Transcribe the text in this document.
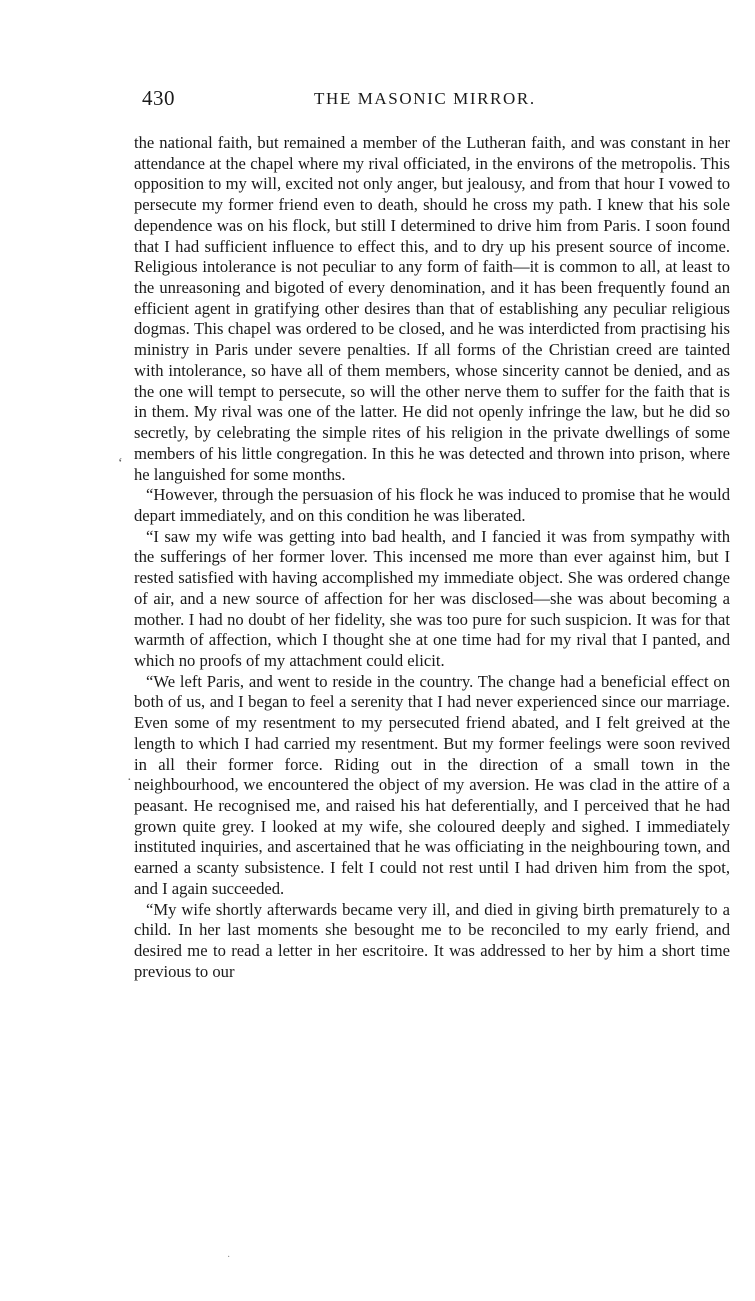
430	THE MASONIC MIRROR.

the national faith, but remained a member of the Lutheran faith, and was constant in her attendance at the chapel where my rival officiated, in the environs of the metropolis. This opposition to my will, excited not only anger, but jealousy, and from that hour I vowed to persecute my former friend even to death, should he cross my path. I knew that his sole dependence was on his flock, but still I determined to drive him from Paris. I soon found that I had sufficient influence to effect this, and to dry up his present source of income. Religious intolerance is not peculiar to any form of faith—it is common to all, at least to the unreasoning and bigoted of every denomination, and it has been frequently found an efficient agent in gratifying other desires than that of establishing any peculiar religious dogmas. This chapel was ordered to be closed, and he was interdicted from practising his ministry in Paris under severe penalties. If all forms of the Christian creed are tainted with intolerance, so have all of them members, whose sincerity cannot be denied, and as the one will tempt to persecute, so will the other nerve them to suffer for the faith that is in them. My rival was one of the latter. He did not openly infringe the law, but he did so secretly, by celebrating the simple rites of his religion in the private dwellings of some members of his little congregation. In this he was detected and thrown into prison, where he languished for some months.

“However, through the persuasion of his flock he was induced to promise that he would depart immediately, and on this condition he was liberated.

“I saw my wife was getting into bad health, and I fancied it was from sympathy with the sufferings of her former lover. This incensed me more than ever against him, but I rested satisfied with having accomplished my immediate object. She was ordered change of air, and a new source of affection for her was disclosed—she was about becoming a mother. I had no doubt of her fidelity, she was too pure for such suspicion. It was for that warmth of affection, which I thought she at one time had for my rival that I panted, and which no proofs of my attachment could elicit.

“We left Paris, and went to reside in the country. The change had a beneficial effect on both of us, and I began to feel a serenity that I had never experienced since our marriage. Even some of my resentment to my persecuted friend abated, and I felt greived at the length to which I had carried my resentment. But my former feelings were soon revived in all their former force. Riding out in the direction of a small town in the neighbourhood, we encountered the object of my aversion. He was clad in the attire of a peasant. He recognised me, and raised his hat deferentially, and I perceived that he had grown quite grey. I looked at my wife, she coloured deeply and sighed. I immediately instituted inquiries, and ascertained that he was officiating in the neighbouring town, and earned a scanty subsistence. I felt I could not rest until I had driven him from the spot, and I again succeeded.

“My wife shortly afterwards became very ill, and died in giving birth prematurely to a child. In her last moments she besought me to be reconciled to my early friend, and desired me to read a letter in her escritoire. It was addressed to her by him a short time previous to our

ʻ
·
·
